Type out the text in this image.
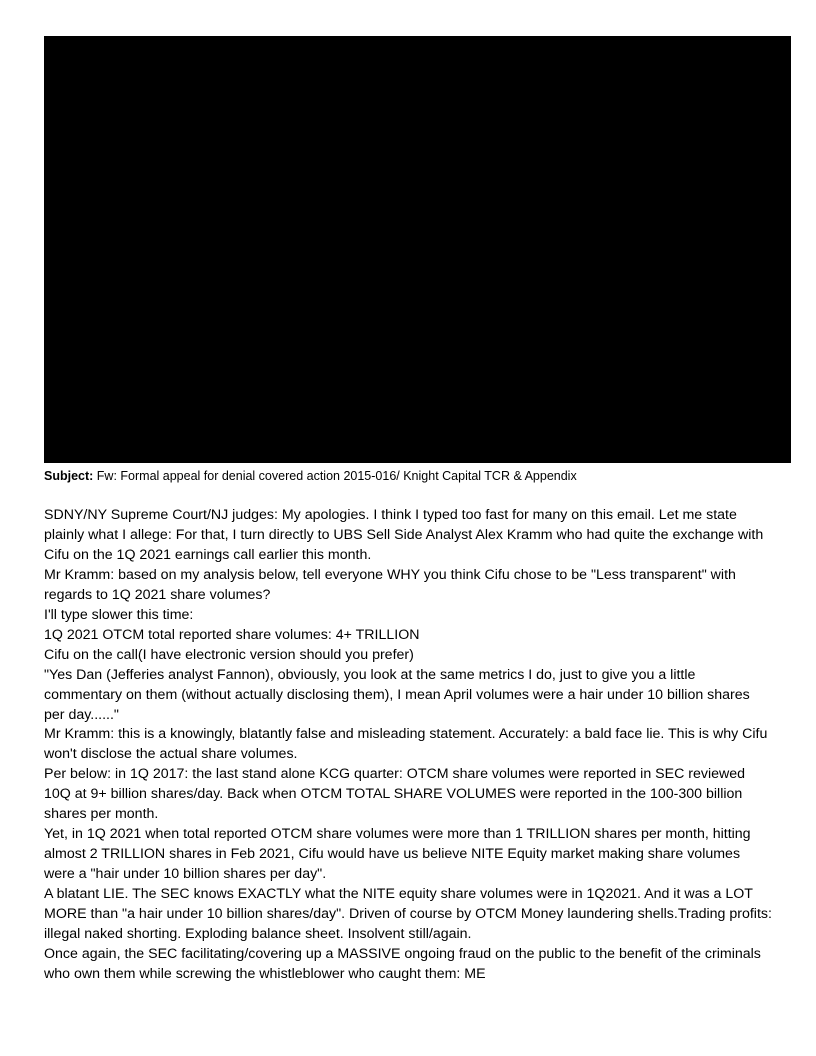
Subject: Fw: Formal appeal for denial covered action 2015-016/ Knight Capital TCR & Appendix

SDNY/NY Supreme Court/NJ judges: My apologies. I think I typed too fast for many on this email. Let me state plainly what I allege: For that, I turn directly to UBS Sell Side Analyst Alex Kramm who had quite the exchange with Cifu on the 1Q 2021 earnings call earlier this month.

Mr Kramm: based on my analysis below, tell everyone WHY you think Cifu chose to be "Less transparent" with regards to 1Q 2021 share volumes?

I'll type slower this time:

1Q 2021 OTCM total reported share volumes: 4+ TRILLION

Cifu on the call(I have electronic version should you prefer)

"Yes Dan (Jefferies analyst Fannon), obviously, you look at the same metrics I do, just to give you a little commentary on them (without actually disclosing them), I mean April volumes were a hair under 10 billion shares per day......"

Mr Kramm: this is a knowingly, blatantly false and misleading statement. Accurately: a bald face lie. This is why Cifu won't disclose the actual share volumes.

Per below: in 1Q 2017: the last stand alone KCG quarter: OTCM share volumes were reported in SEC reviewed 10Q at 9+ billion shares/day. Back when OTCM TOTAL SHARE VOLUMES were reported in the 100-300 billion shares per month.

Yet, in 1Q 2021 when total reported OTCM share volumes were more than 1 TRILLION shares per month, hitting almost 2 TRILLION shares in Feb 2021, Cifu would have us believe NITE Equity market making share volumes were a "hair under 10 billion shares per day".

A blatant LIE. The SEC knows EXACTLY what the NITE equity share volumes were in 1Q2021. And it was a LOT MORE than "a hair under 10 billion shares/day". Driven of course by OTCM Money laundering shells.Trading profits: illegal naked shorting. Exploding balance sheet. Insolvent still/again.

Once again, the SEC facilitating/covering up a MASSIVE ongoing fraud on the public to the benefit of the criminals who own them while screwing the whistleblower who caught them: ME
